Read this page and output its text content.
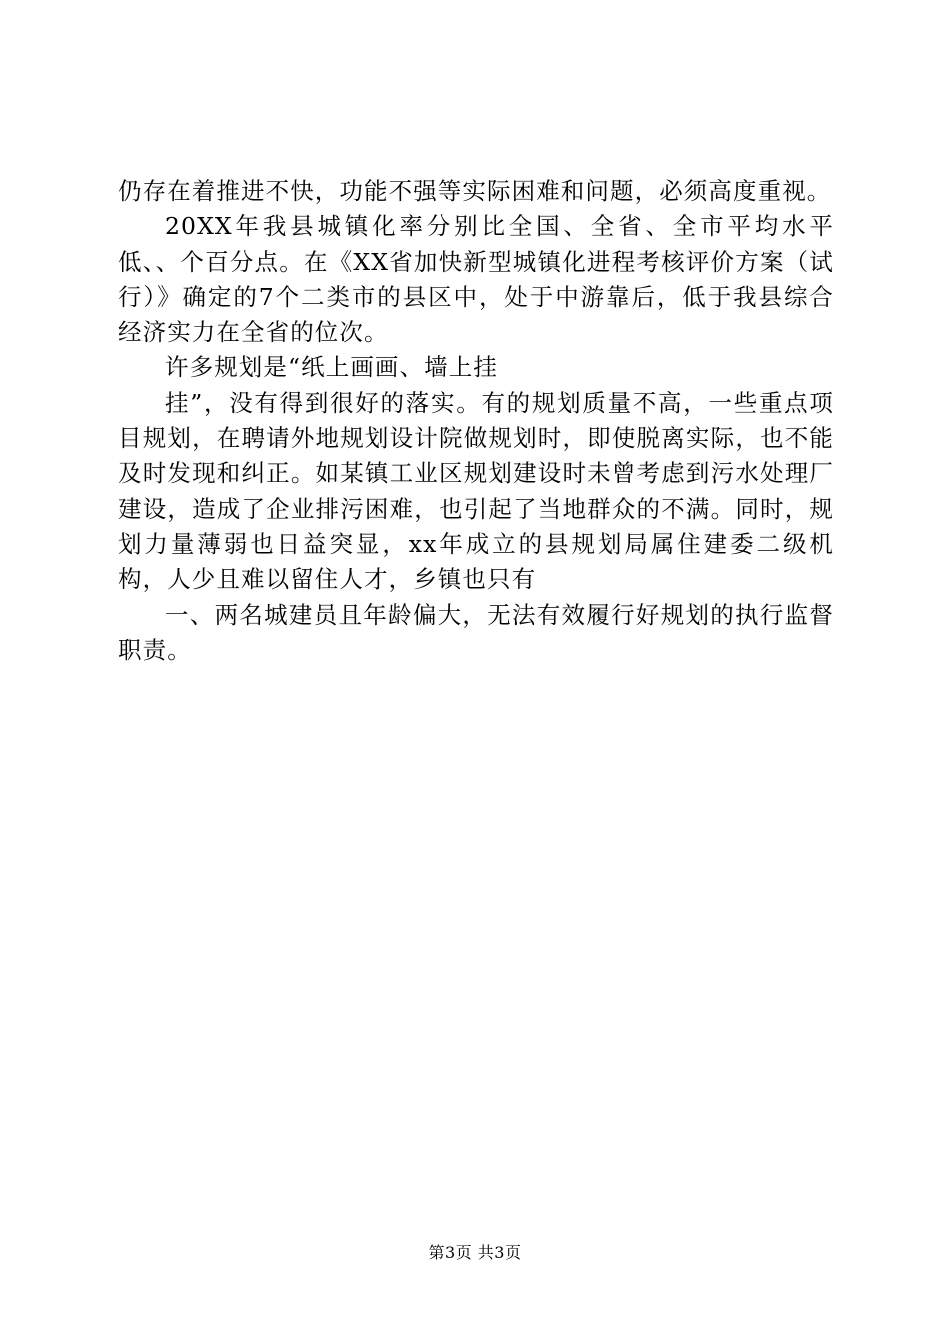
仍存在着推进不快，功能不强等实际困难和问题，必须高度重视。

20XX年我县城镇化率分别比全国、全省、全市平均水平低、、个百分点。在《XX省加快新型城镇化进程考核评价方案（试行）》确定的7个二类市的县区中，处于中游靠后，低于我县综合经济实力在全省的位次。

许多规划是“纸上画画、墙上挂

挂”，没有得到很好的落实。有的规划质量不高，一些重点项目规划，在聘请外地规划设计院做规划时，即使脱离实际，也不能及时发现和纠正。如某镇工业区规划建设时未曾考虑到污水处理厂建设，造成了企业排污困难，也引起了当地群众的不满。同时，规划力量薄弱也日益突显，xx年成立的县规划局属住建委二级机构，人少且难以留住人才，乡镇也只有

一、两名城建员且年龄偏大，无法有效履行好规划的执行监督职责。

第3页 共3页
